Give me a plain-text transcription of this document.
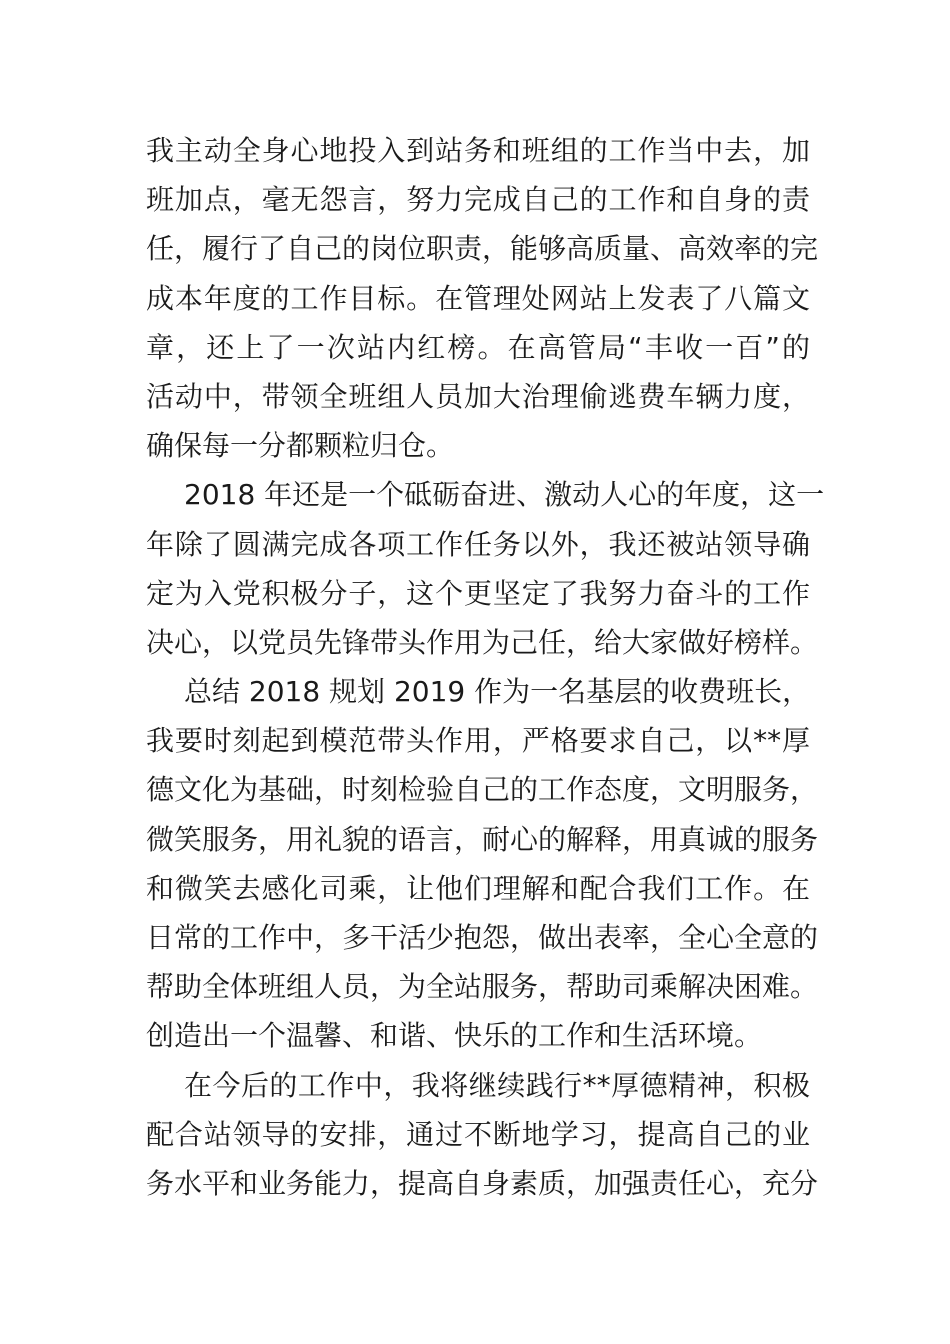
我主动全身心地投入到站务和班组的工作当中去，加
班加点，毫无怨言，努力完成自己的工作和自身的责
任，履行了自己的岗位职责，能够高质量、高效率的完
成本年度的工作目标。在管理处网站上发表了八篇文
章，还上了一次站内红榜。在高管局“丰收一百”的
活动中，带领全班组人员加大治理偷逃费车辆力度，
确保每一分都颗粒归仓。
2018 年还是一个砥砺奋进、激动人心的年度，这一
年除了圆满完成各项工作任务以外，我还被站领导确
定为入党积极分子，这个更坚定了我努力奋斗的工作
决心，以党员先锋带头作用为己任，给大家做好榜样。
总结 2018 规划 2019 作为一名基层的收费班长，
我要时刻起到模范带头作用，严格要求自己，以**厚
德文化为基础，时刻检验自己的工作态度，文明服务，
微笑服务，用礼貌的语言，耐心的解释，用真诚的服务
和微笑去感化司乘，让他们理解和配合我们工作。在
日常的工作中，多干活少抱怨，做出表率，全心全意的
帮助全体班组人员，为全站服务，帮助司乘解决困难。
创造出一个温馨、和谐、快乐的工作和生活环境。
在今后的工作中，我将继续践行**厚德精神，积极
配合站领导的安排，通过不断地学习，提高自己的业
务水平和业务能力，提高自身素质，加强责任心，充分
